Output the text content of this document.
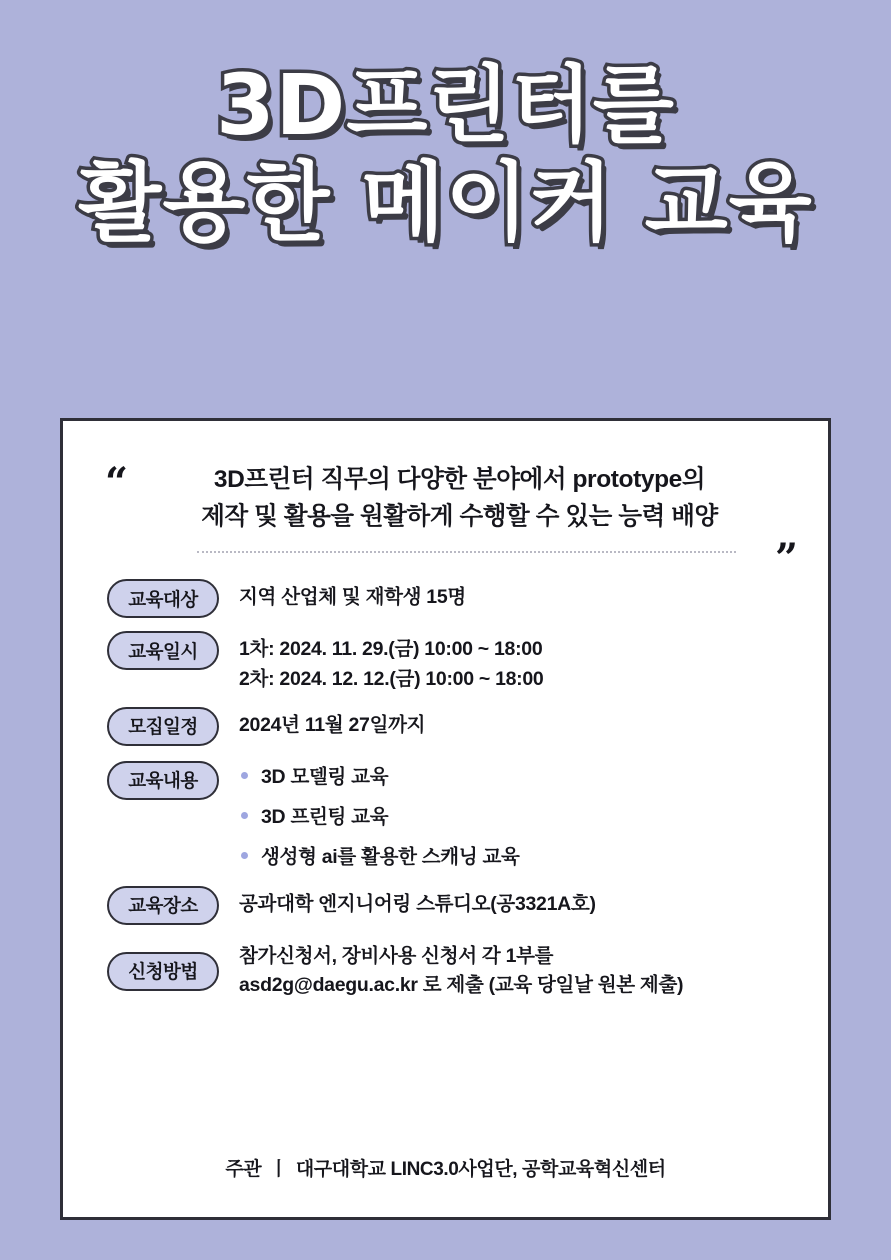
3D프린터를
활용한 메이커 교육
“
”

3D프린터 직무의 다양한 분야에서 prototype의

제작 및 활용을 원활하게 수행할 수 있는 능력 배양

교육대상	지역 산업체 및 재학생 15명
교육일시	1차: 2024. 11. 29.(금) 10:00 ~ 18:00
2차: 2024. 12. 12.(금) 10:00 ~ 18:00
모집일정	2024년 11월 27일까지
교육내용	3D 모델링 교육
3D 프린팅 교육
생성형 ai를 활용한 스캐닝 교육
교육장소	공과대학 엔지니어링 스튜디오(공3321A호)
신청방법
참가신청서, 장비사용 신청서 각 1부를
asd2g@daegu.ac.kr 로 제출 (교육 당일날 원본 제출)
주관 丨 대구대학교 LINC3.0사업단, 공학교육혁신센터
